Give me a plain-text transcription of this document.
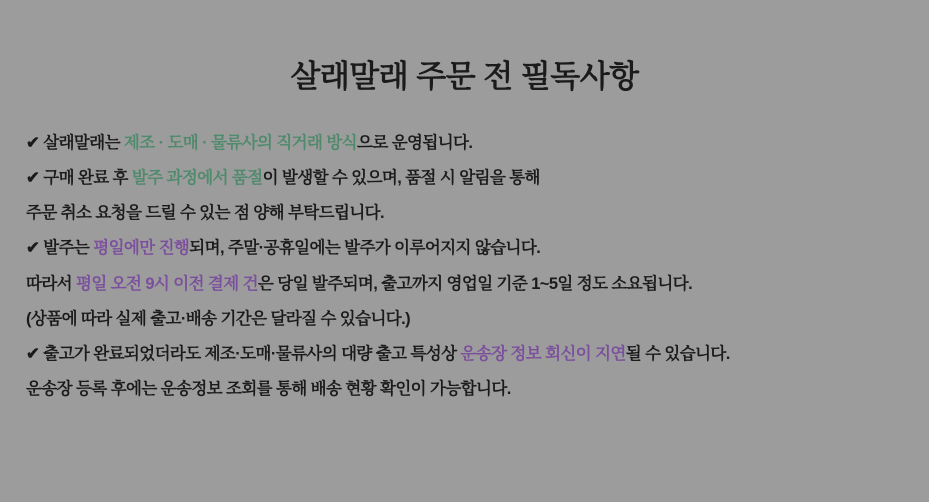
살래말래 주문 전 필독사항
✔ 살래말래는 제조 · 도매 · 물류사의 직거래 방식으로 운영됩니다.
✔ 구매 완료 후 발주 과정에서 품절이 발생할 수 있으며, 품절 시 알림을 통해
주문 취소 요청을 드릴 수 있는 점 양해 부탁드립니다.
✔ 발주는 평일에만 진행되며, 주말·공휴일에는 발주가 이루어지지 않습니다.
따라서 평일 오전 9시 이전 결제 건은 당일 발주되며, 출고까지 영업일 기준 1~5일 정도 소요됩니다.
(상품에 따라 실제 출고·배송 기간은 달라질 수 있습니다.)
✔ 출고가 완료되었더라도 제조·도매·물류사의 대량 출고 특성상 운송장 정보 회신이 지연될 수 있습니다.
운송장 등록 후에는 운송정보 조회를 통해 배송 현황 확인이 가능합니다.
